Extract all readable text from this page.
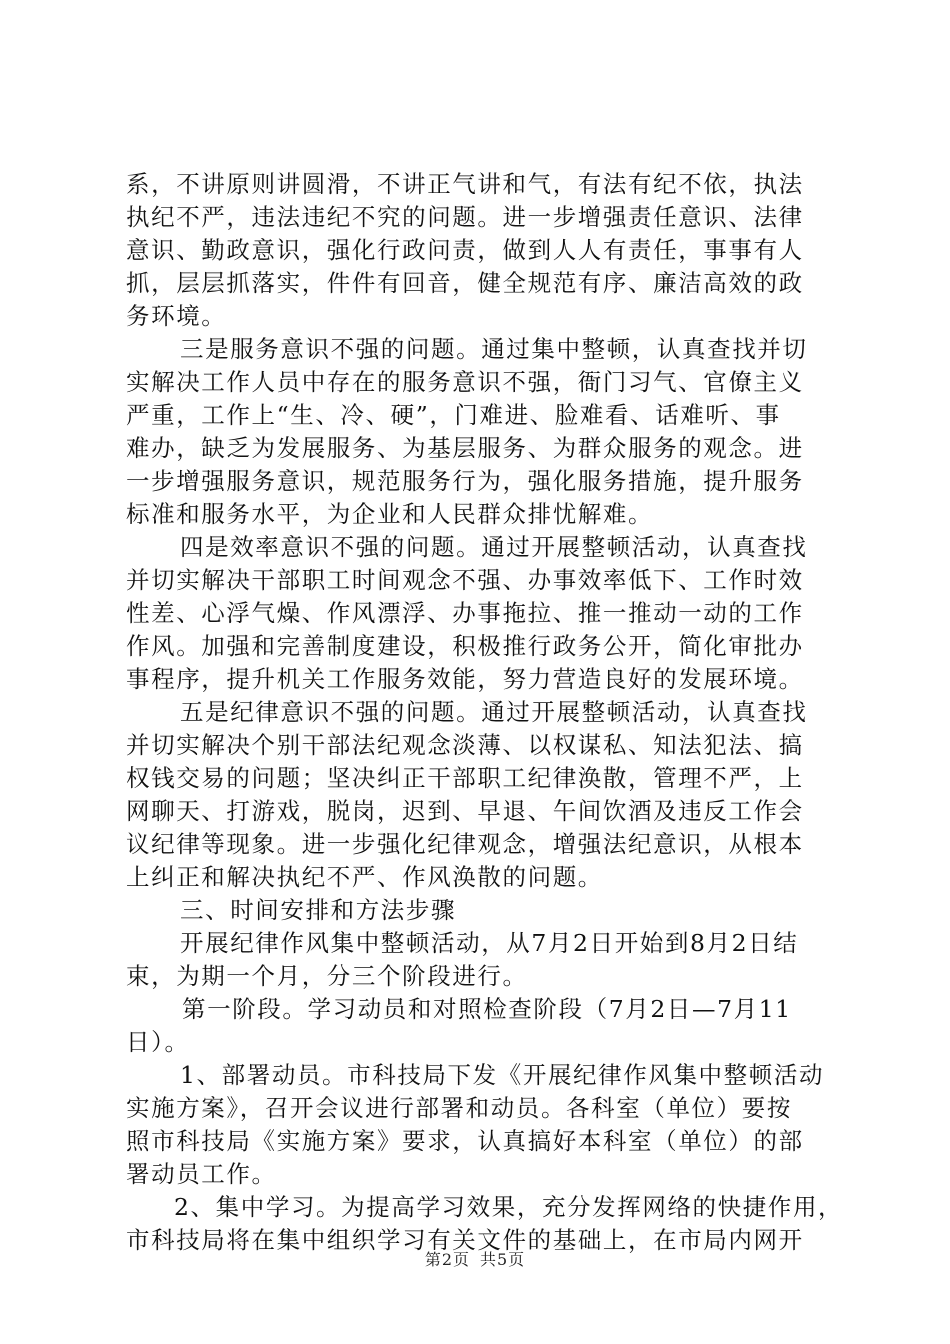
系，不讲原则讲圆滑，不讲正气讲和气，有法有纪不依，执法
执纪不严，违法违纪不究的问题。进一步增强责任意识、法律
意识、勤政意识，强化行政问责，做到人人有责任，事事有人
抓，层层抓落实，件件有回音，健全规范有序、廉洁高效的政
务环境。
三是服务意识不强的问题。通过集中整顿，认真查找并切
实解决工作人员中存在的服务意识不强，衙门习气、官僚主义
严重，工作上“生、冷、硬”，门难进、脸难看、话难听、事
难办，缺乏为发展服务、为基层服务、为群众服务的观念。进
一步增强服务意识，规范服务行为，强化服务措施，提升服务
标准和服务水平，为企业和人民群众排忧解难。
四是效率意识不强的问题。通过开展整顿活动，认真查找
并切实解决干部职工时间观念不强、办事效率低下、工作时效
性差、心浮气燥、作风漂浮、办事拖拉、推一推动一动的工作
作风。加强和完善制度建设，积极推行政务公开，简化审批办
事程序，提升机关工作服务效能，努力营造良好的发展环境。
五是纪律意识不强的问题。通过开展整顿活动，认真查找
并切实解决个别干部法纪观念淡薄、以权谋私、知法犯法、搞
权钱交易的问题；坚决纠正干部职工纪律涣散，管理不严，上
网聊天、打游戏，脱岗，迟到、早退、午间饮酒及违反工作会
议纪律等现象。进一步强化纪律观念，增强法纪意识，从根本
上纠正和解决执纪不严、作风涣散的问题。
三、时间安排和方法步骤
开展纪律作风集中整顿活动，从7月2日开始到8月2日结
束，为期一个月，分三个阶段进行。
第一阶段。学习动员和对照检查阶段（7月2日—7月11
日）。
1、部署动员。市科技局下发《开展纪律作风集中整顿活动
实施方案》，召开会议进行部署和动员。各科室（单位）要按
照市科技局《实施方案》要求，认真搞好本科室（单位）的部
署动员工作。
2、集中学习。为提高学习效果，充分发挥网络的快捷作用，
市科技局将在集中组织学习有关文件的基础上，在市局内网开
第2页 共5页
